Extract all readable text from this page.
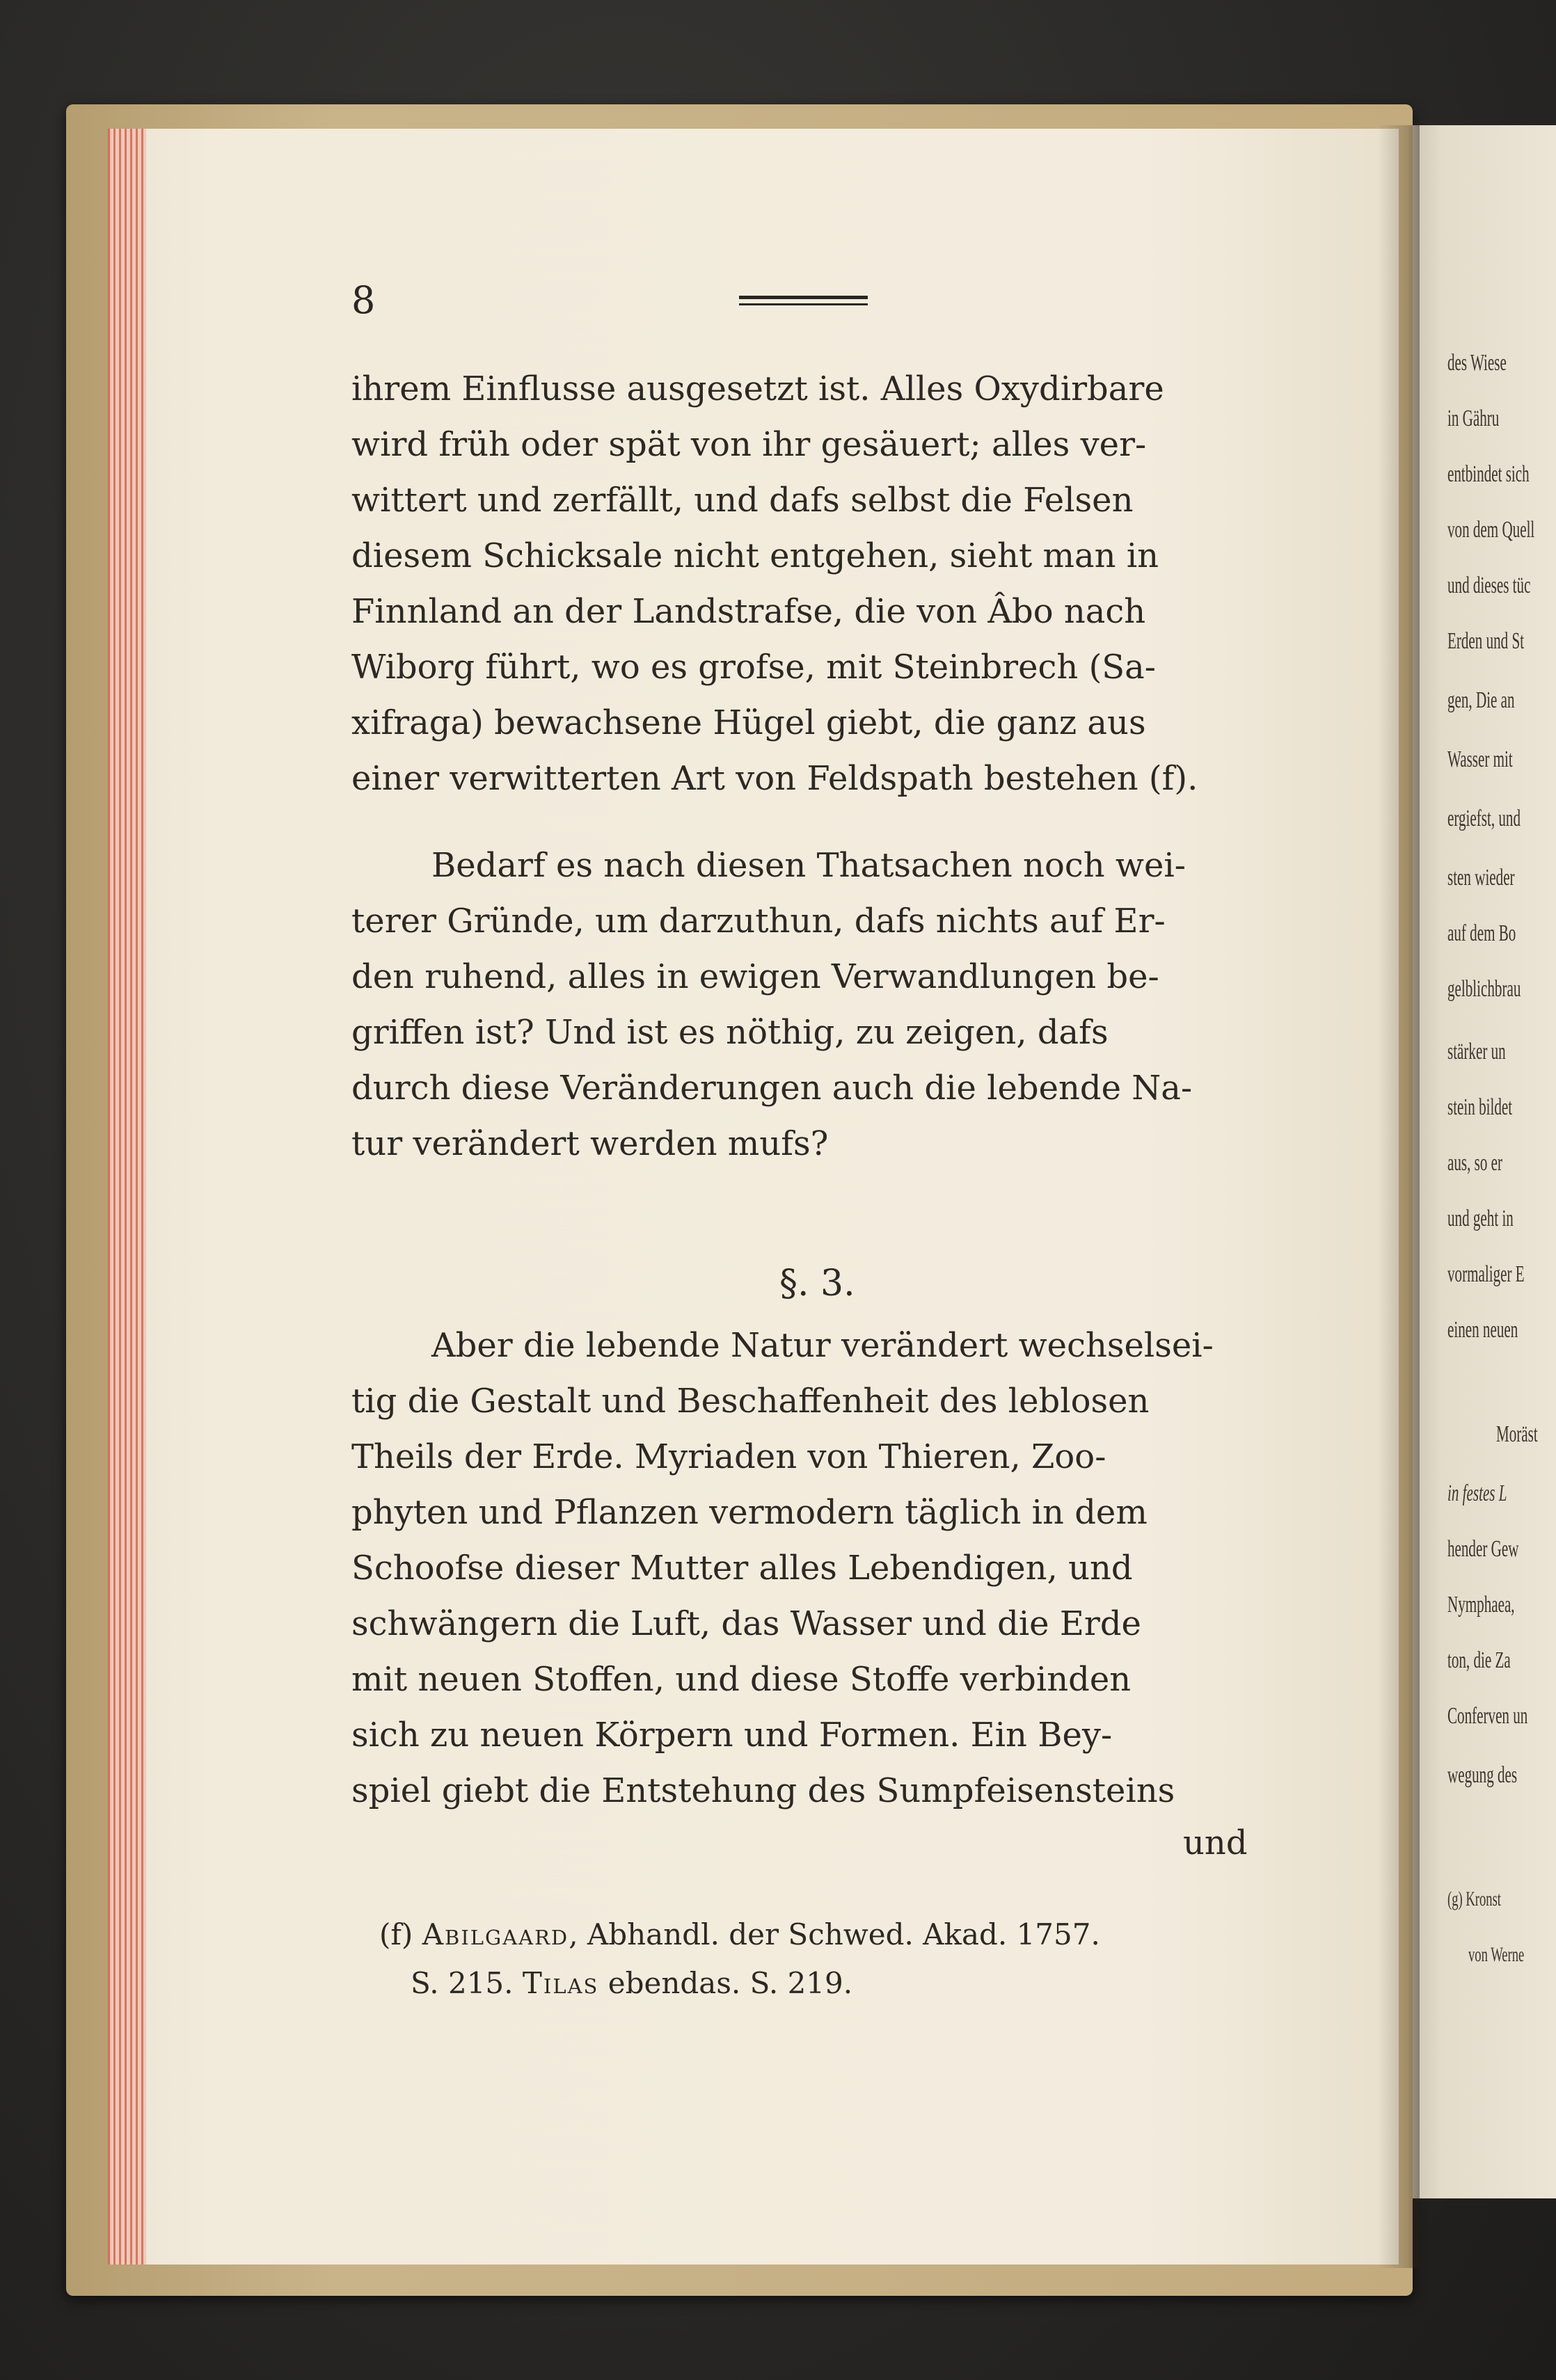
8
ihrem Einflusse ausgesetzt ist. Alles Oxydirbare
wird früh oder spät von ihr gesäuert; alles ver-
wittert und zerfällt, und dafs selbst die Felsen
diesem Schicksale nicht entgehen, sieht man in
Finnland an der Landstrafse, die von Âbo nach
Wiborg führt, wo es grofse, mit Steinbrech (Sa-
xifraga) bewachsene Hügel giebt, die ganz aus
einer verwitterten Art von Feldspath bestehen (f).
Bedarf es nach diesen Thatsachen noch wei-
terer Gründe, um darzuthun, dafs nichts auf Er-
den ruhend, alles in ewigen Verwandlungen be-
griffen ist? Und ist es nöthig, zu zeigen, dafs
durch diese Veränderungen auch die lebende Na-
tur verändert werden mufs?
§. 3.
Aber die lebende Natur verändert wechselsei-
tig die Gestalt und Beschaffenheit des leblosen
Theils der Erde. Myriaden von Thieren, Zoo-
phyten und Pflanzen vermodern täglich in dem
Schoofse dieser Mutter alles Lebendigen, und
schwängern die Luft, das Wasser und die Erde
mit neuen Stoffen, und diese Stoffe verbinden
sich zu neuen Körpern und Formen. Ein Bey-
spiel giebt die Entstehung des Sumpfeisensteins
und
(f) Abilgaard, Abhandl. der Schwed. Akad. 1757.
S. 215. Tilas ebendas. S. 219.
des Wiese
in Gähru
entbindet sich
von dem Quell
und dieses tüc
Erden und St
gen, Die an
Wasser mit
ergiefst, und
sten wieder
auf dem Bo
gelblichbrau
stärker un
stein bildet
aus, so er
und geht in
vormaliger E
einen neuen
Moräst
in festes L
hender Gew
Nymphaea,
ton, die Za
Conferven un
wegung des
(g) Kronst
von Werne
